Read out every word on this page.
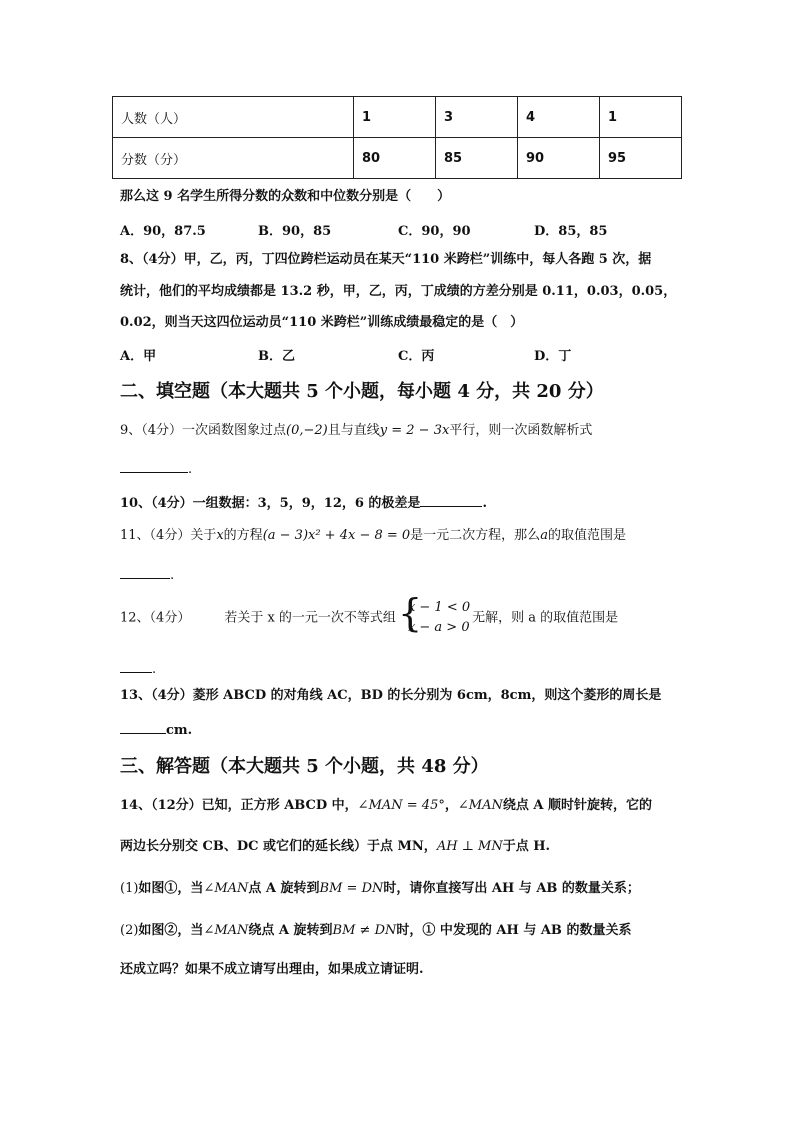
人数（人）	1	3	4	1
分数（分）	80	85	90	95
那么这 9 名学生所得分数的众数和中位数分别是（　　）
A．90，87.5	B．90，85	C．90，90	D．85，85
8、（4分）甲，乙，丙，丁四位跨栏运动员在某天“110 米跨栏”训练中，每人各跑 5 次，据
统计，他们的平均成绩都是 13.2 秒，甲，乙，丙，丁成绩的方差分别是 0.11，0.03，0.05，
0.02，则当天这四位运动员“110 米跨栏”训练成绩最稳定的是（　）
A．甲	B．乙	C．丙	D．丁
二、填空题（本大题共 5 个小题，每小题 4 分，共 20 分）
9、（4分）一次函数图象过点(0,−2)且与直线y = 2 − 3x平行，则一次函数解析式
.
10、（4分）一组数据：3，5，9，12，6 的极差是	.
11、（4分）关于x的方程(a − 3)x² + 4x − 8 = 0是一元二次方程，那么a的取值范围是
.
12、（4分）	若关于 x 的一元一次不等式组 {
x − 1 < 0
x − a > 0
无解，则 a 的取值范围是
.
13、（4分）菱形 ABCD 的对角线 AC，BD 的长分别为 6cm，8cm，则这个菱形的周长是
cm.
三、解答题（本大题共 5 个小题，共 48 分）
14、（12分）已知，正方形 ABCD 中，∠MAN = 45°，∠MAN绕点 A 顺时针旋转，它的
两边长分别交 CB、DC 或它们的延长线）于点 MN，AH ⊥ MN于点 H.
(1)如图①，当∠MAN点 A 旋转到BM = DN时，请你直接写出 AH 与 AB 的数量关系；
(2)如图②，当∠MAN绕点 A 旋转到BM ≠ DN时，① 中发现的 AH 与 AB 的数量关系
还成立吗？如果不成立请写出理由，如果成立请证明.
